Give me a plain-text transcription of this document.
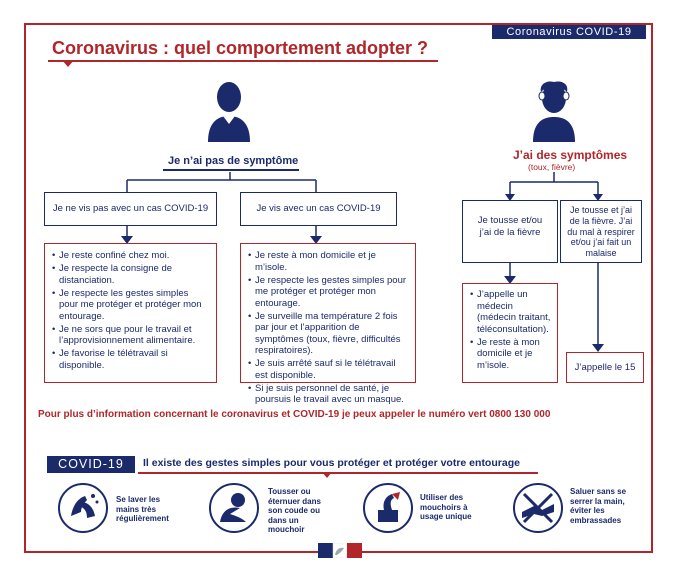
Coronavirus COVID-19
Coronavirus : quel comportement adopter ?
Je n’ai pas de symptôme	J’ai des symptômes
(toux, fièvre)
Je ne vis pas avec un cas COVID-19	Je vis avec un cas COVID-19
• Je reste confiné chez moi.
• Je respecte la consigne de distanciation.
• Je respecte les gestes simples pour me protéger et protéger mon entourage.
• Je ne sors que pour le travail et l’approvisionnement alimentaire.
• Je favorise le télétravail si disponible.
• Je reste à mon domicile et je m’isole.
• Je respecte les gestes simples pour me protéger et protéger mon entourage.
• Je surveille ma température 2 fois par jour et l’apparition de symptômes (toux, fièvre, difficultés respiratoires).
• Je suis arrêté sauf si le télétravail est disponible.
• Si je suis personnel de santé, je poursuis le travail avec un masque.
Je tousse et/ou j’ai de la fièvre
Je tousse et j’ai de la fièvre. J’ai du mal à respirer et/ou j’ai fait un malaise
• J’appelle un médecin (médecin traitant, téléconsultation).
• Je reste à mon domicile et je m’isole.	J’appelle le 15
Pour plus d’information concernant le coronavirus et COVID-19 je peux appeler le numéro vert 0800 130 000
COVID-19	Il existe des gestes simples pour vous protéger et protéger votre entourage
Se laver les mains très régulièrement
Tousser ou éternuer dans son coude ou dans un mouchoir
Utiliser des mouchoirs à usage unique
Saluer sans se serrer la main, éviter les embrassades
